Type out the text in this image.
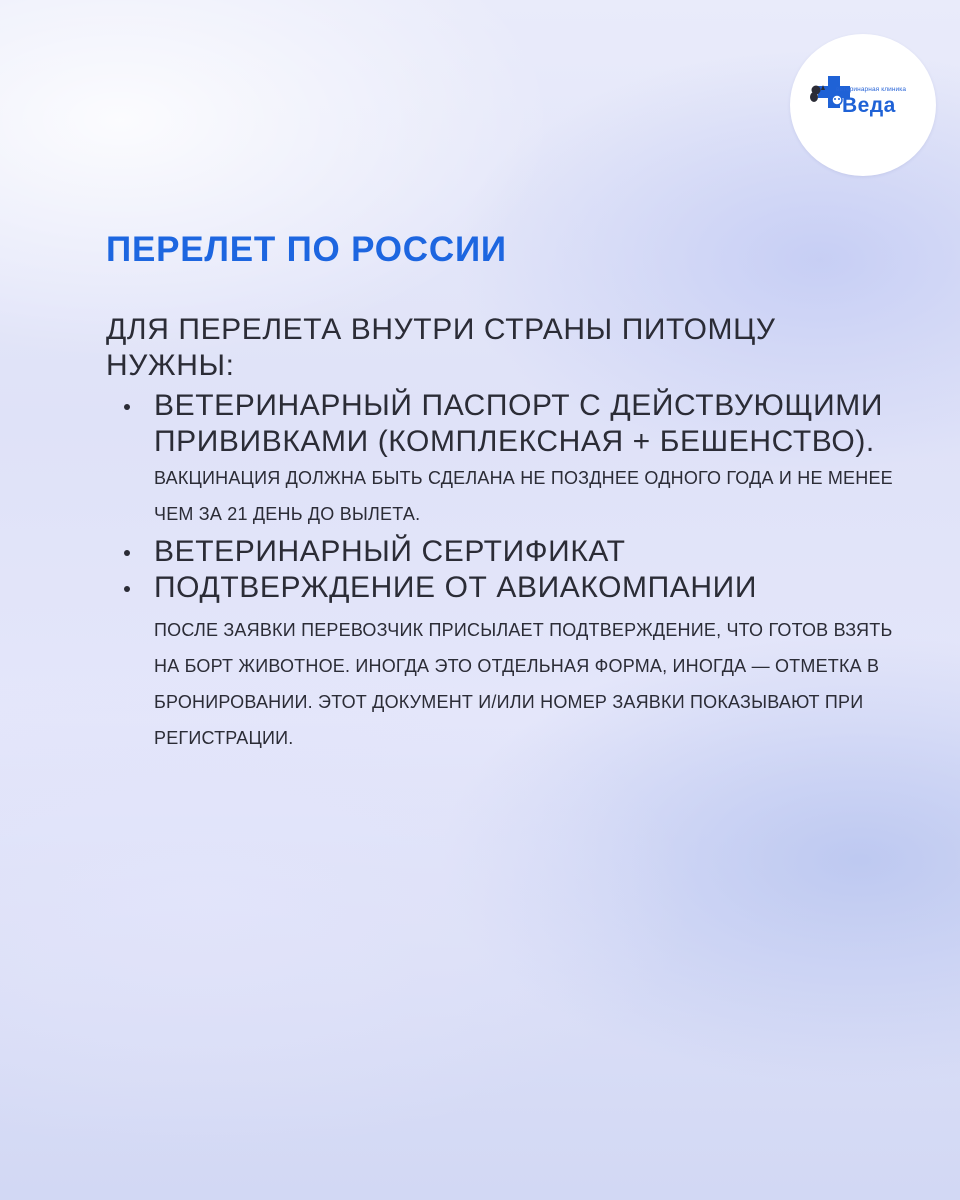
ветеринарная клиника
Веда
ПЕРЕЛЕТ ПО РОССИИ

ДЛЯ ПЕРЕЛЕТА ВНУТРИ СТРАНЫ ПИТОМЦУ НУЖНЫ:

ВЕТЕРИНАРНЫЙ ПАСПОРТ С ДЕЙСТВУЮЩИМИ ПРИВИВКАМИ (КОМПЛЕКСНАЯ + БЕШЕНСТВО). ВАКЦИНАЦИЯ ДОЛЖНА БЫТЬ СДЕЛАНА НЕ ПОЗДНЕЕ ОДНОГО ГОДА И НЕ МЕНЕЕ ЧЕМ ЗА 21 ДЕНЬ ДО ВЫЛЕТА.
ВЕТЕРИНАРНЫЙ СЕРТИФИКАТ
ПОДТВЕРЖДЕНИЕ ОТ АВИАКОМПАНИИ
ПОСЛЕ ЗАЯВКИ ПЕРЕВОЗЧИК ПРИСЫЛАЕТ ПОДТВЕРЖДЕНИЕ, ЧТО ГОТОВ ВЗЯТЬ НА БОРТ ЖИВОТНОЕ. ИНОГДА ЭТО ОТДЕЛЬНАЯ ФОРМА, ИНОГДА — ОТМЕТКА В БРОНИРОВАНИИ. ЭТОТ ДОКУМЕНТ И/ИЛИ НОМЕР ЗАЯВКИ ПОКАЗЫВАЮТ ПРИ РЕГИСТРАЦИИ.
